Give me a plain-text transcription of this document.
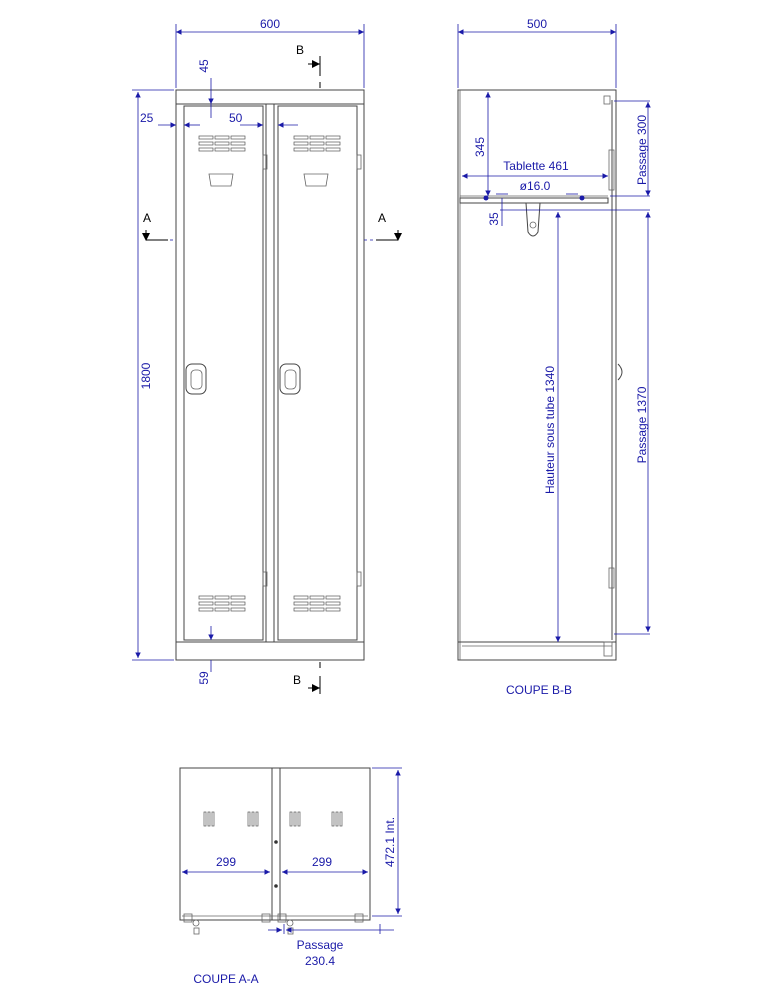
600
45
25	50
1800
59
A	A
B
B
500
345
Tablette 461
ø16.0
35
Hauteur sous tube 1340
Passage 300
Passage 1370
COUPE B-B
299	299	472.1 Int.
Passage
230.4
COUPE A-A
